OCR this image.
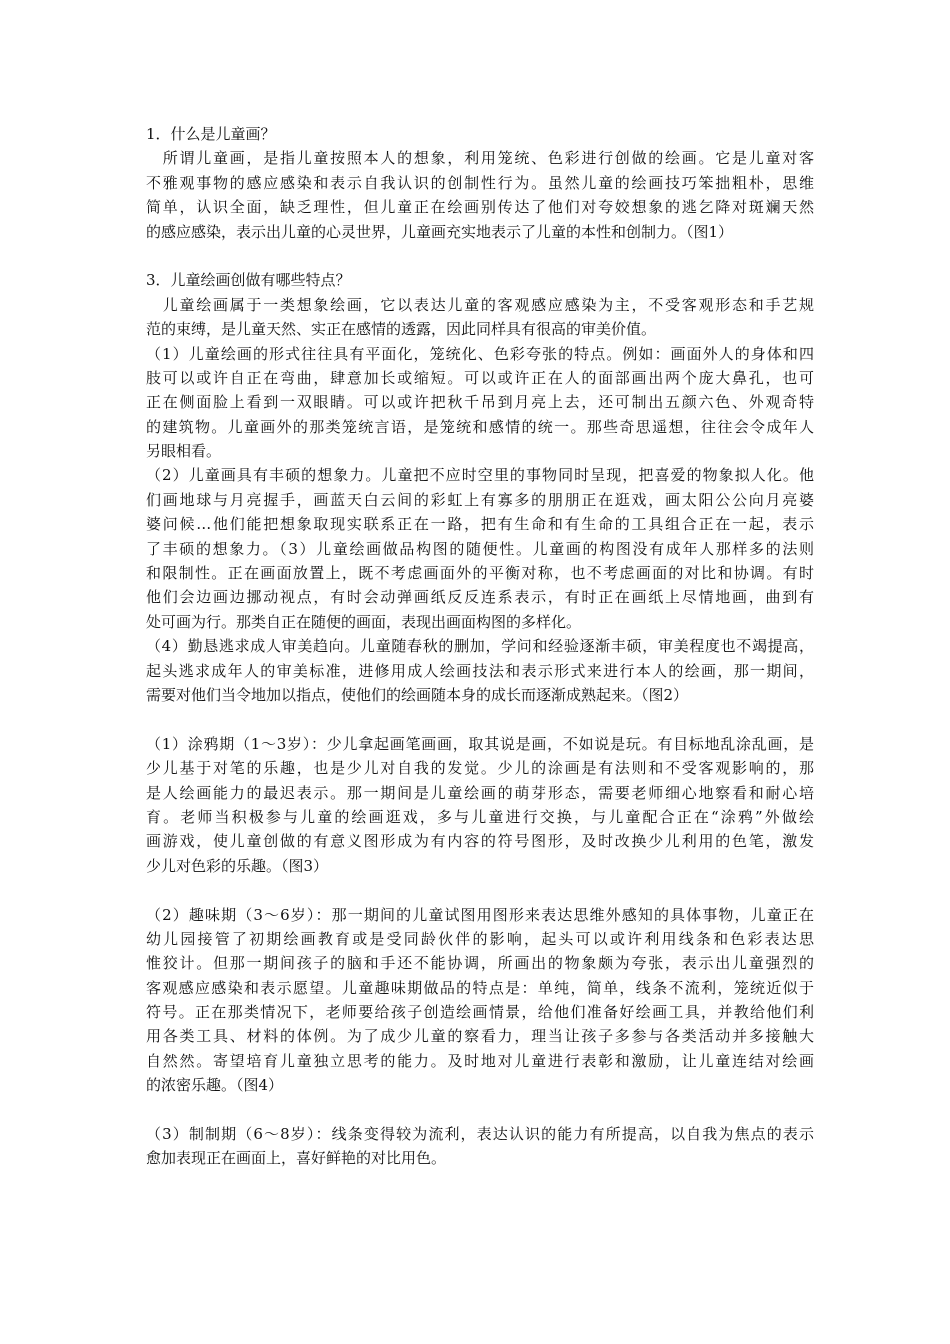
1．什么是儿童画？
　所谓儿童画，是指儿童按照本人的想象，利用笼统、色彩进行创做的绘画。它是儿童对客
不雅观事物的感应感染和表示自我认识的创制性行为。虽然儿童的绘画技巧笨拙粗朴，思维
简单，认识全面，缺乏理性，但儿童正在绘画别传达了他们对夸姣想象的逃乞降对斑斓天然
的感应感染，表示出儿童的心灵世界，儿童画充实地表示了儿童的本性和创制力。（图1）
3．儿童绘画创做有哪些特点？
　儿童绘画属于一类想象绘画，它以表达儿童的客观感应感染为主，不受客观形态和手艺规
范的束缚，是儿童天然、实正在感情的透露，因此同样具有很高的审美价值。
（1）儿童绘画的形式往往具有平面化，笼统化、色彩夸张的特点。例如：画面外人的身体和四
肢可以或许自正在弯曲，肆意加长或缩短。可以或许正在人的面部画出两个庞大鼻孔，也可
正在侧面脸上看到一双眼睛。可以或许把秋千吊到月亮上去，还可制出五颜六色、外观奇特
的建筑物。儿童画外的那类笼统言语，是笼统和感情的统一。那些奇思遥想，往往会令成年人
另眼相看。
（2）儿童画具有丰硕的想象力。儿童把不应时空里的事物同时呈现，把喜爱的物象拟人化。他
们画地球与月亮握手，画蓝天白云间的彩虹上有寡多的朋朋正在逛戏，画太阳公公向月亮婆
婆问候…他们能把想象取现实联系正在一路，把有生命和有生命的工具组合正在一起，表示
了丰硕的想象力。（3）儿童绘画做品构图的随便性。儿童画的构图没有成年人那样多的法则
和限制性。正在画面放置上，既不考虑画面外的平衡对称，也不考虑画面的对比和协调。有时
他们会边画边挪动视点，有时会动弹画纸反反连系表示，有时正在画纸上尽情地画，曲到有
处可画为行。那类自正在随便的画面，表现出画面构图的多样化。
（4）勤恳逃求成人审美趋向。儿童随春秋的删加，学问和经验逐渐丰硕，审美程度也不竭提高，
起头逃求成年人的审美标准，进修用成人绘画技法和表示形式来进行本人的绘画，那一期间，
需要对他们当令地加以指点，使他们的绘画随本身的成长而逐渐成熟起来。（图2）
（1）涂鸦期（1～3岁）：少儿拿起画笔画画，取其说是画，不如说是玩。有目标地乱涂乱画，是
少儿基于对笔的乐趣，也是少儿对自我的发觉。少儿的涂画是有法则和不受客观影响的，那
是人绘画能力的最迟表示。那一期间是儿童绘画的萌芽形态，需要老师细心地察看和耐心培
育。老师当积极参与儿童的绘画逛戏，多与儿童进行交换，与儿童配合正在“涂鸦”外做绘
画游戏，使儿童创做的有意义图形成为有内容的符号图形，及时改换少儿利用的色笔，激发
少儿对色彩的乐趣。（图3）
（2）趣味期（3～6岁）：那一期间的儿童试图用图形来表达思维外感知的具体事物，儿童正在
幼儿园接管了初期绘画教育或是受同龄伙伴的影响，起头可以或许利用线条和色彩表达思
惟狡计。但那一期间孩子的脑和手还不能协调，所画出的物象颇为夸张，表示出儿童强烈的
客观感应感染和表示愿望。儿童趣味期做品的特点是：单纯，简单，线条不流利，笼统近似于
符号。正在那类情况下，老师要给孩子创造绘画情景，给他们准备好绘画工具，并教给他们利
用各类工具、材料的体例。为了成少儿童的察看力，理当让孩子多参与各类活动并多接触大
自然然。寄望培育儿童独立思考的能力。及时地对儿童进行表彰和激励，让儿童连结对绘画
的浓密乐趣。（图4）
（3）制制期（6～8岁）：线条变得较为流利，表达认识的能力有所提高，以自我为焦点的表示
愈加表现正在画面上，喜好鲜艳的对比用色。
